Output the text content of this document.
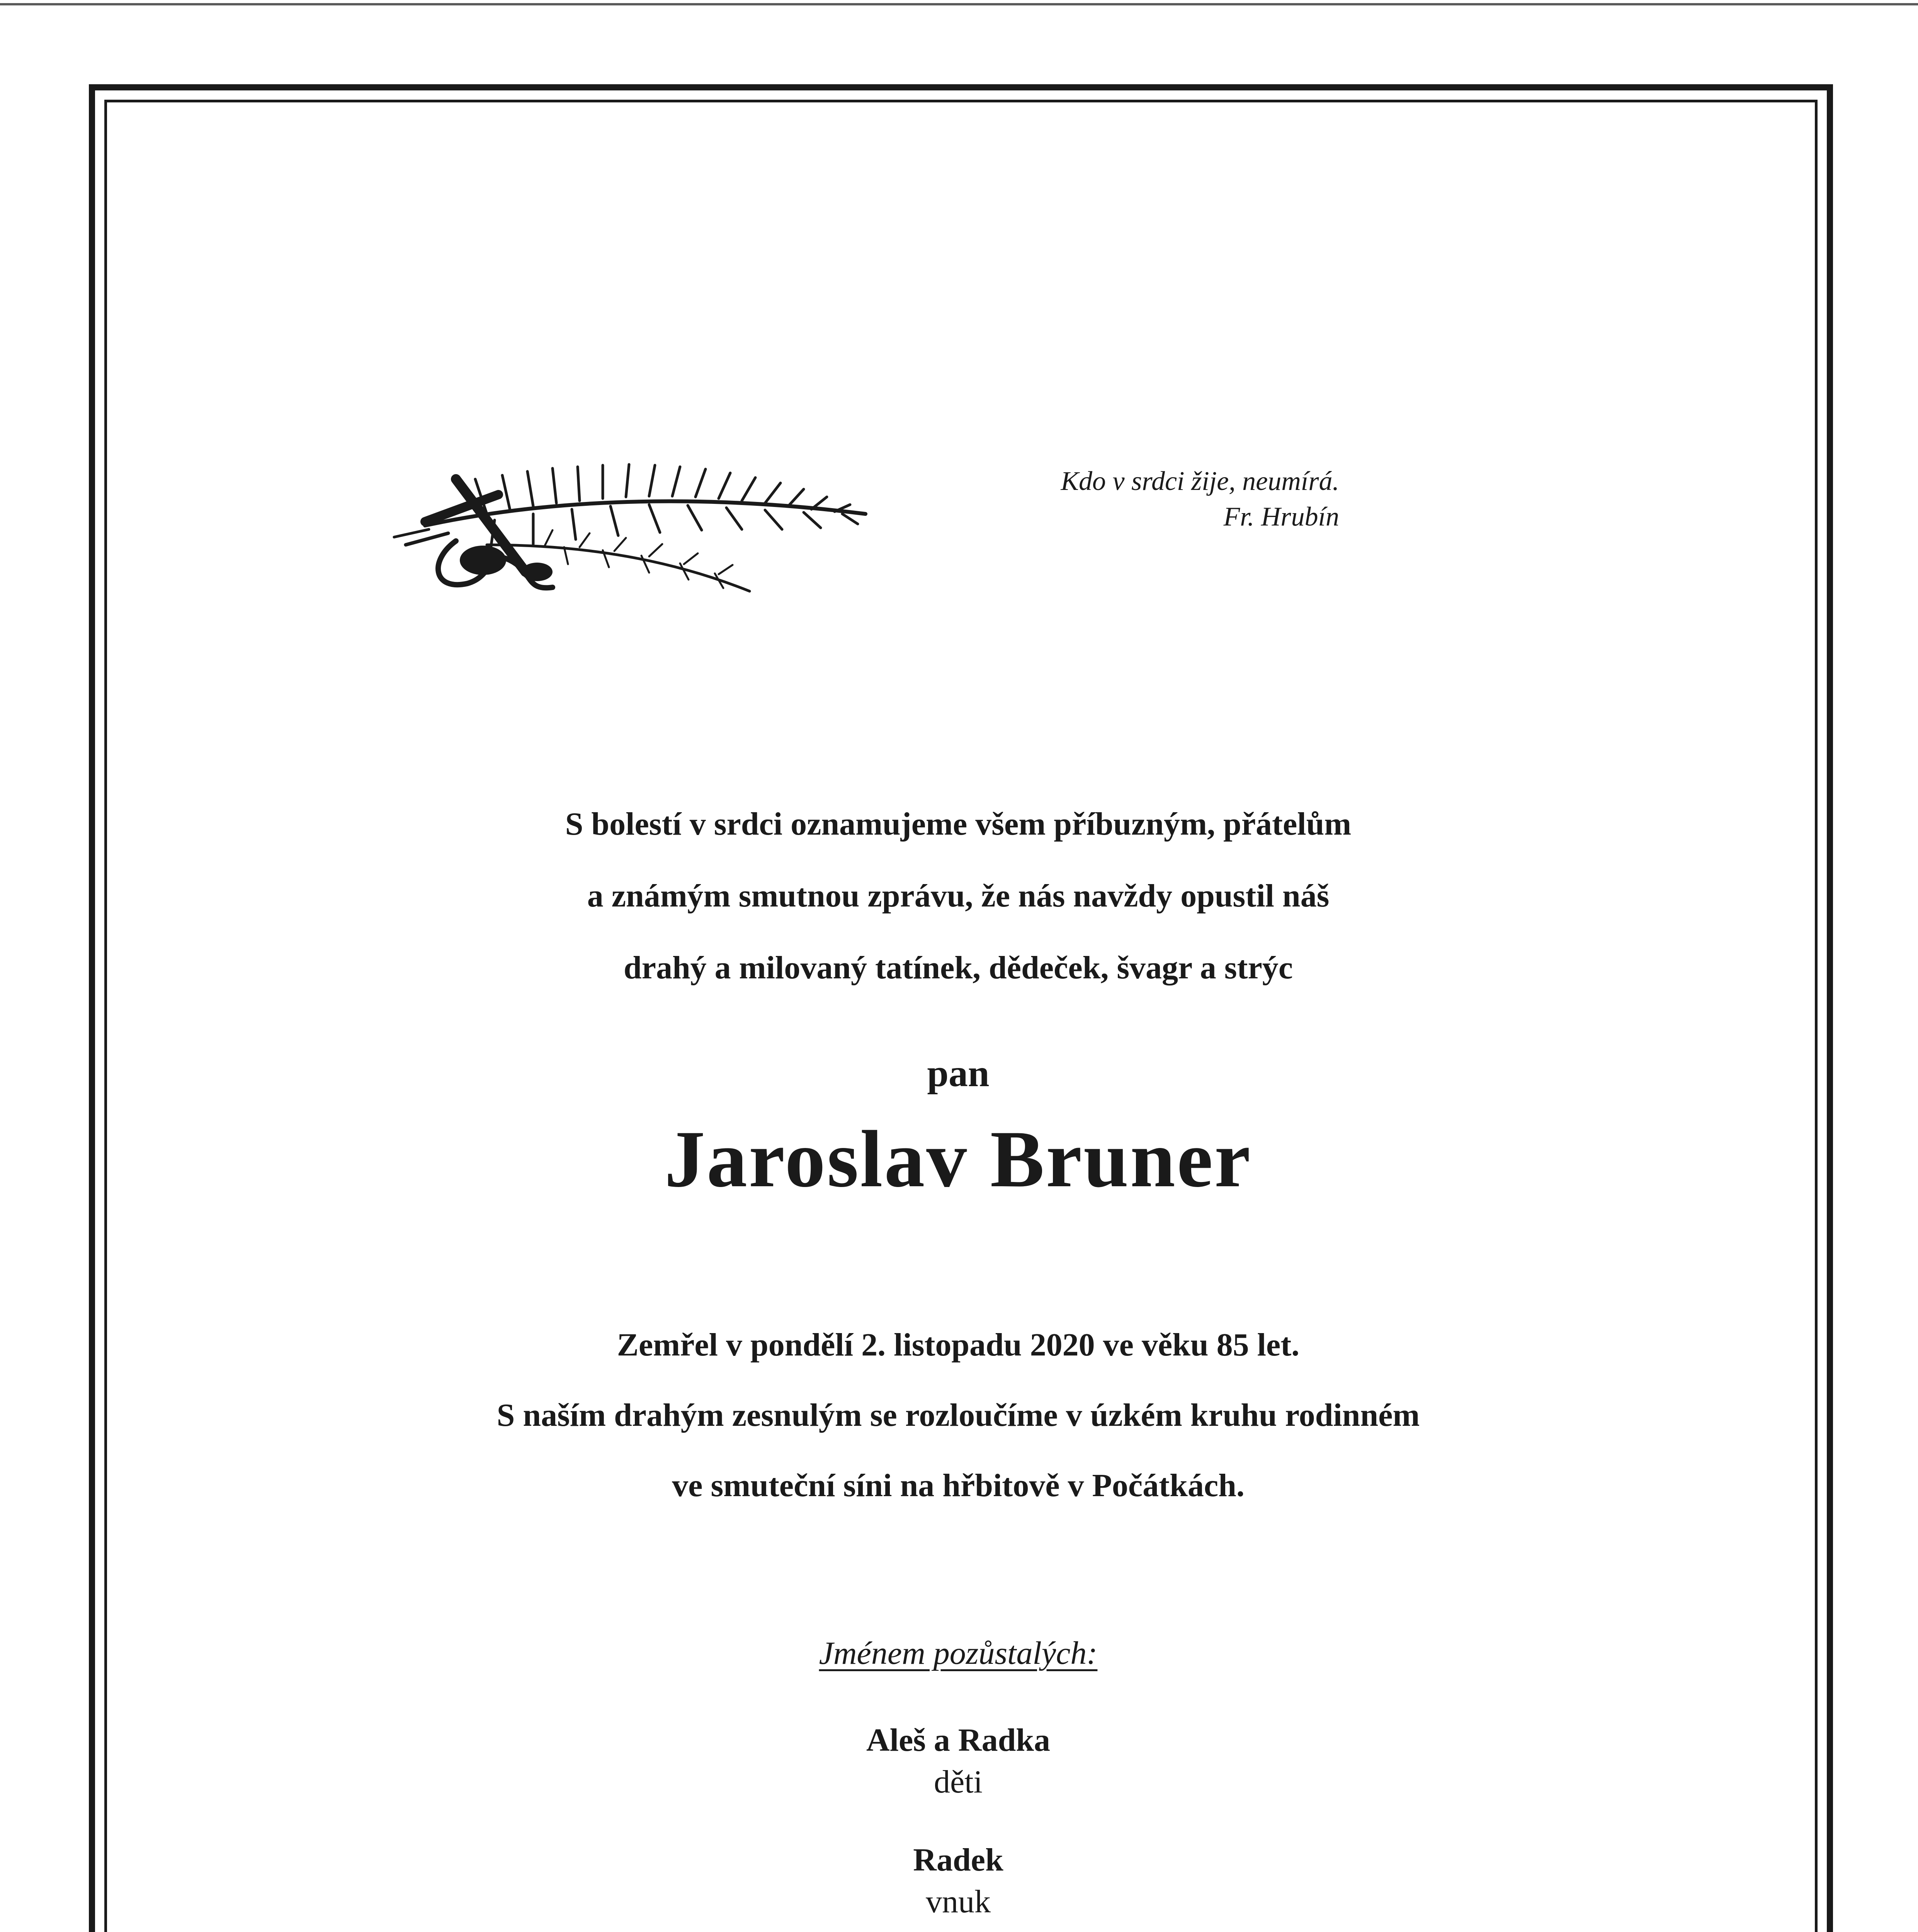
Kdo v srdci žije, neumírá.
Fr. Hrubín
S bolestí v srdci oznamujeme všem příbuzným, přátelům
a známým smutnou zprávu, že nás navždy opustil náš
drahý a milovaný tatínek, dědeček, švagr a strýc
pan
Jaroslav Bruner
Zemřel v pondělí 2. listopadu 2020 ve věku 85 let.
S naším drahým zesnulým se rozloučíme v úzkém kruhu rodinném
ve smuteční síni na hřbitově v Počátkách.
Jménem pozůstalých:
Aleš a Radka
děti
Radek
vnuk
